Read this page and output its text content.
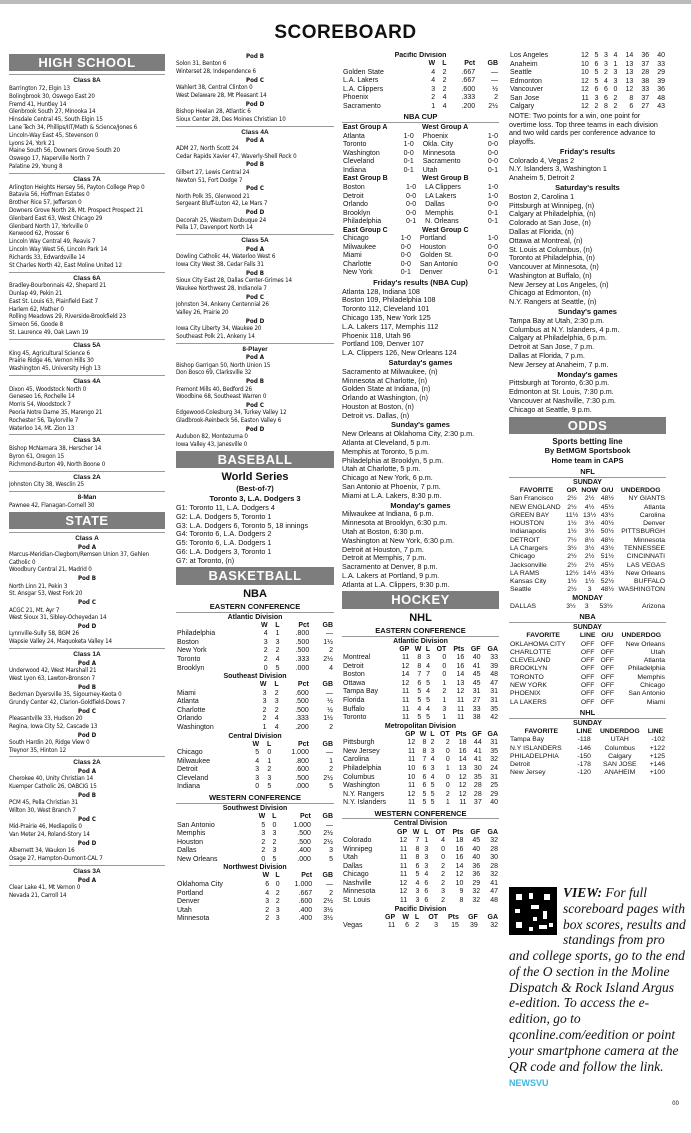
SCOREBOARD
HIGH SCHOOL
Class 8A
Barrington 72, Elgin 13
Bolingbrook 30, Oswego East 20
Fremd 41, Huntley 14
Glenbrook South 27, Minooka 14
Hinsdale Central 45, South Elgin 15
Lane Tech 34, Phillips/IIT/Math & Science/Jones 6
Lincoln-Way East 45, Stevenson 0
Lyons 24, York 21
Maine South 56, Downers Grove South 20
Oswego 17, Naperville North 7
Palatine 29, Young 8
Class 7A
Arlington Heights Hersey 56, Payton College Prep 0
Batavia 56, Hoffman Estates 0
Brother Rice 57, Jefferson 0
Downers Grove North 28, Mt. Prospect Prospect 21
Glenbard East 63, West Chicago 29
Glenbard North 17, Yorkville 0
Kenwood 62, Prosser 6
Lincoln Way Central 49, Reavis 7
Lincoln Way West 56, Lincoln Park 14
Richards 33, Edwardsville 14
St Charles North 42, East Moline United 12
Class 6A
Bradley-Bourbonnais 42, Shepard 21
Dunlap 49, Pekin 21
East St. Louis 63, Plainfield East 7
Harlem 62, Mather 0
Rolling Meadows 29, Riverside-Brookfield 23
Simeon 56, Goode 8
St. Laurence 49, Oak Lawn 19
Class 5A
King 45, Agricultural Science 6
Prairie Ridge 46, Vernon Hills 30
Washington 45, University High 13
Class 4A
Dixon 45, Woodstock North 0
Geneseo 16, Rochelle 14
Morris 54, Woodstock 7
Peoria Notre Dame 35, Marengo 21
Rochester 56, Taylorville 7
Waterloo 14, Mt. Zion 13
Class 3A
Bishop McNamara 38, Herscher 14
Byron 61, Oregon 15
Richmond-Burton 49, North Boone 0
Class 2A
Johnston City 38, Wesclin 25
8-Man
Pawnee 42, Flanagan-Cornell 30
STATE
Class A
Pod A
Marcus-Meridian-Clegborn/Remsen Union 37, Gehlen
Catholic 0
Woodbury Central 21, Madrid 0
Pod B
North Linn 21, Pekin 3
St. Ansgar 53, West Fork 20
Pod C
ACGC 21, Mt. Ayr 7
West Sioux 31, Sibley-Ocheyedan 14
Pod D
Lynnville-Sully 58, BGM 26
Wapsie Valley 24, Maquoketa Valley 14
Class 1A
Pod A
Underwood 42, West Marshall 21
West Lyon 63, Lawton-Bronson 7
Pod B
Beckman Dyersville 35, Sigourney-Keota 0
Grundy Center 42, Clarion-Goldfield-Dows 7
Pod C
Pleasantville 33, Hudson 20
Regina, Iowa City 52, Cascade 13
Pod D
South Hardin 20, Ridge View 0
Treynor 35, Hinton 12
Class 2A
Pod A
Cherokee 40, Unity Christian 14
Kuemper Catholic 26, OABCIG 15
Pod B
PCM 45, Pella Christian 31
Wilton 30, West Branch 7
Pod C
Mid-Prairie 46, Mediapolis 0
Van Meter 24, Roland-Story 14
Pod D
Albernett 34, Waukon 16
Osage 27, Hampton-Dumont-CAL 7
Class 3A
Pod A
Clear Lake 41, Mt Vernon 0
Nevada 21, Carroll 14
Pod B
Solon 31, Benton 6
Winterset 28, Independence 6
Pod C
Wahlert 38, Central Clinton 0
West Delaware 28, Mt Pleasant 14
Pod D
Bishop Heelan 28, Atlantic 6
Sioux Center 28, Des Moines Christian 10
Class 4A
Pod A
ADM 27, North Scott 24
Cedar Rapids Xavier 47, Waverly-Shell Rock 0
Pod B
Gilbert 27, Lewis Central 24
Newton 51, Fort Dodge 7
Pod C
North Polk 35, Glenwood 21
Sergeant Bluff-Luton 42, Le Mars 7
Pod D
Decorah 25, Western Dubuque 24
Pella 17, Davenport North 14
Class 5A
Pod A
Dowling Catholic 44, Waterloo West 6
Iowa City West 38, Cedar Falls 31
Pod B
Sioux City East 28, Dallas Center-Grimes 14
Waukee Northwest 28, Indianola 7
Pod C
Johnston 34, Ankeny Centennial 26
Valley 26, Prairie 20
Pod D
Iowa City Liberty 34, Waukee 20
Southeast Polk 21, Ankeny 14
8-Player
Pod A
Bishop Garrigan 50, North Union 15
Don Bosco 69, Clarksville 32
Pod B
Fremont Mills 40, Bedford 26
Woodbine 68, Southeast Warren 0
Pod C
Edgewood-Colesburg 34, Turkey Valley 12
Gladbrook-Reinbeck 56, Easton Valley 6
Pod D
Audubon 82, Montezuma 0
Iowa Valley 43, Janesville 0
BASEBALL
World Series
(Best-of-7)
Toronto 3, L.A. Dodgers 3
G1: Toronto 11, L.A. Dodgers 4
G2: L.A. Dodgers 5, Toronto 1
G3: L.A. Dodgers 6, Toronto 5, 18 innings
G4: Toronto 6, L.A. Dodgers 2
G5: Toronto 6, L.A. Dodgers 1
G6: L.A. Dodgers 3, Toronto 1
G7: at Toronto, (n)
BASKETBALL
NBA
EASTERN CONFERENCE
Atlantic Division
	W	L	Pct	GB
Philadelphia	4	1	.800	—
Boston	3	3	.500	1½
New York	2	2	.500	2
Toronto	2	4	.333	2½
Brooklyn	0	5	.000	4
Southeast Division
	W	L	Pct	GB
Miami	3	2	.600	—
Atlanta	3	3	.500	½
Charlotte	2	2	.500	½
Orlando	2	4	.333	1½
Washington	1	4	.200	2
Central Division
	W	L	Pct	GB
Chicago	5	0	1.000	—
Milwaukee	4	1	.800	1
Detroit	3	2	.600	2
Cleveland	3	3	.500	2½
Indiana	0	5	.000	5
WESTERN CONFERENCE
Southwest Division
	W	L	Pct	GB
San Antonio	5	0	1.000	—
Memphis	3	3	.500	2½
Houston	2	2	.500	2½
Dallas	2	3	.400	3
New Orleans	0	5	.000	5
Northwest Division
	W	L	Pct	GB
Oklahoma City	6	0	1.000	—
Portland	4	2	.667	2
Denver	3	2	.600	2½
Utah	2	3	.400	3½
Minnesota	2	3	.400	3½
Pacific Division
	W	L	Pct	GB
Golden State	4	2	.667	—
L.A. Lakers	4	2	.667	—
L.A. Clippers	3	2	.600	½
Phoenix	2	4	.333	2
Sacramento	1	4	.200	2½
NBA CUP
East Group A		West Group A	
Atlanta	1-0	Phoenix	1-0
Toronto	1-0	Okla. City	0-0
Washington	0-0	Minnesota	0-0
Cleveland	0-1	Sacramento	0-0
Indiana	0-1	Utah	0-1
East Group B		West Group B	
Boston	1-0	LA Clippers	1-0
Detroit	0-0	LA Lakers	1-0
Orlando	0-0	Dallas	0-0
Brooklyn	0-0	Memphis	0-1
Philadelphia	0-1	N. Orleans	0-1
East Group C		West Group C	
Chicago	1-0	Portland	1-0
Milwaukee	0-0	Houston	0-0
Miami	0-0	Golden St.	0-0
Charlotte	0-0	San Antonio	0-0
New York	0-1	Denver	0-1
Friday's results (NBA Cup)
Atlanta 128, Indiana 108
Boston 109, Philadelphia 108
Toronto 112, Cleveland 101
Chicago 135, New York 125
L.A. Lakers 117, Memphis 112
Phoenix 118, Utah 96
Portland 109, Denver 107
L.A. Clippers 126, New Orleans 124
Saturday's games
Sacramento at Milwaukee, (n)
Minnesota at Charlotte, (n)
Golden State at Indiana, (n)
Orlando at Washington, (n)
Houston at Boston, (n)
Detroit vs. Dallas, (n)
Sunday's games
New Orleans at Oklahoma City, 2:30 p.m.
Atlanta at Cleveland, 5 p.m.
Memphis at Toronto, 5 p.m.
Philadelphia at Brooklyn, 5 p.m.
Utah at Charlotte, 5 p.m.
Chicago at New York, 6 p.m.
San Antonio at Phoenix, 7 p.m.
Miami at L.A. Lakers, 8:30 p.m.
Monday's games
Milwaukee at Indiana, 6 p.m.
Minnesota at Brooklyn, 6:30 p.m.
Utah at Boston, 6:30 p.m.
Washington at New York, 6:30 p.m.
Detroit at Houston, 7 p.m.
Detroit at Memphis, 7 p.m.
Sacramento at Denver, 8 p.m.
L.A. Lakers at Portland, 9 p.m.
Atlanta at L.A. Clippers, 9:30 p.m.
HOCKEY
NHL
EASTERN CONFERENCE
Atlantic Division
	GP	W	L	OT	Pts	GF	GA
Montreal	11	8	3	0	16	40	33
Detroit	12	8	4	0	16	41	39
Boston	14	7	7	0	14	45	48
Ottawa	12	6	5	1	13	45	47
Tampa Bay	11	5	4	2	12	31	31
Florida	11	5	5	1	11	27	31
Buffalo	11	4	4	3	11	33	35
Toronto	11	5	5	1	11	38	42
Metropolitan Division
	GP	W	L	OT	Pts	GF	GA
Pittsburgh	12	8	2	2	18	44	31
New Jersey	11	8	3	0	16	41	35
Carolina	11	7	4	0	14	41	32
Philadelphia	10	6	3	1	13	30	24
Columbus	10	6	4	0	12	35	31
Washington	11	6	5	0	12	28	25
N.Y. Rangers	12	5	5	2	12	28	29
N.Y. Islanders	11	5	5	1	11	37	40
WESTERN CONFERENCE
Central Division
	GP	W	L	OT	Pts	GF	GA
Colorado	12	7	1	4	18	45	32
Winnipeg	11	8	3	0	16	40	28
Utah	11	8	3	0	16	40	30
Dallas	11	6	3	2	14	36	28
Chicago	11	5	4	2	12	36	32
Nashville	12	4	6	2	10	29	41
Minnesota	12	3	6	3	9	32	47
St. Louis	11	3	6	2	8	32	48
Pacific Division
	GP	W	L	OT	Pts	GF	GA
Vegas	11	6	2	3	15	39	32
Los Angeles	12	5	3	4	14	36	40
Anaheim	10	6	3	1	13	37	33
Seattle	10	5	2	3	13	28	29
Edmonton	12	5	4	3	13	38	39
Vancouver	12	6	6	0	12	33	36
San Jose	11	3	6	2	8	37	48
Calgary	12	2	8	2	6	27	43
NOTE: Two points for a win, one point for overtime loss. Top three teams in each division and two wild cards per conference advance to playoffs.
Friday's results
Colorado 4, Vegas 2
N.Y. Islanders 3, Washington 1
Anaheim 5, Detroit 2
Saturday's results
Boston 2, Carolina 1
Pittsburgh at Winnipeg, (n)
Calgary at Philadelphia, (n)
Colorado at San Jose, (n)
Dallas at Florida, (n)
Ottawa at Montreal, (n)
St. Louis at Columbus, (n)
Toronto at Philadelphia, (n)
Vancouver at Minnesota, (n)
Washington at Buffalo, (n)
New Jersey at Los Angeles, (n)
Chicago at Edmonton, (n)
N.Y. Rangers at Seattle, (n)
Sunday's games
Tampa Bay at Utah, 2:30 p.m.
Columbus at N.Y. Islanders, 4 p.m.
Calgary at Philadelphia, 6 p.m.
Detroit at San Jose, 7 p.m.
Dallas at Florida, 7 p.m.
New Jersey at Anaheim, 7 p.m.
Monday's games
Pittsburgh at Toronto, 6:30 p.m.
Edmonton at St. Louis, 7:30 p.m.
Vancouver at Nashville, 7:30 p.m.
Chicago at Seattle, 9 p.m.
ODDS
Sports betting line
By BetMGM Sportsbook
Home team in CAPS
NFL
SUNDAY
FAVORITE	OP.	NOW	O/U	UNDERDOG
San Francisco	2½	2½	48½	NY GIANTS
NEW ENGLAND	2½	4½	45½	Atlanta
GREEN BAY	11½	13½	43½	Carolina
HOUSTON	1½	3½	40½	Denver
Indianapolis	1½	3½	50½	PITTSBURGH
DETROIT	7½	8½	48½	Minnesota
LA Chargers	3½	3½	43½	TENNESSEE
Chicago	2½	2½	51½	CINCINNATI
Jacksonville	2½	2½	45½	LAS VEGAS
LA RAMS	12½	14½	43½	New Orleans
Kansas City	1½	1½	52½	BUFFALO
Seattle	2½	3	48½	WASHINGTON
MONDAY
DALLAS	3½	3	53½	Arizona
NBA
SUNDAY
FAVORITE	LINE	O/U	UNDERDOG
OKLAHOMA CITY	OFF	OFF	New Orleans
CHARLOTTE	OFF	OFF	Utah
CLEVELAND	OFF	OFF	Atlanta
BROOKLYN	OFF	OFF	Philadelphia
TORONTO	OFF	OFF	Memphis
NEW YORK	OFF	OFF	Chicago
PHOENIX	OFF	OFF	San Antonio
LA LAKERS	OFF	OFF	Miami
NHL
SUNDAY
FAVORITE	LINE	UNDERDOG	LINE
Tampa Bay	-118	UTAH	-102
N.Y ISLANDERS	-146	Columbus	+122
PHILADELPHIA	-150	Calgary	+125
Detroit	-178	SAN JOSE	+146
New Jersey	-120	ANAHEIM	+100
VIEW: For full scoreboard pages with box scores, results and standings from pro and college sports, go to the end of the O section in the Moline Dispatch & Rock Island Argus e-edition. To access the e-edition, go to qconline.com/eedition or point your smartphone camera at the QR code and follow the link. NEWSVU
00
